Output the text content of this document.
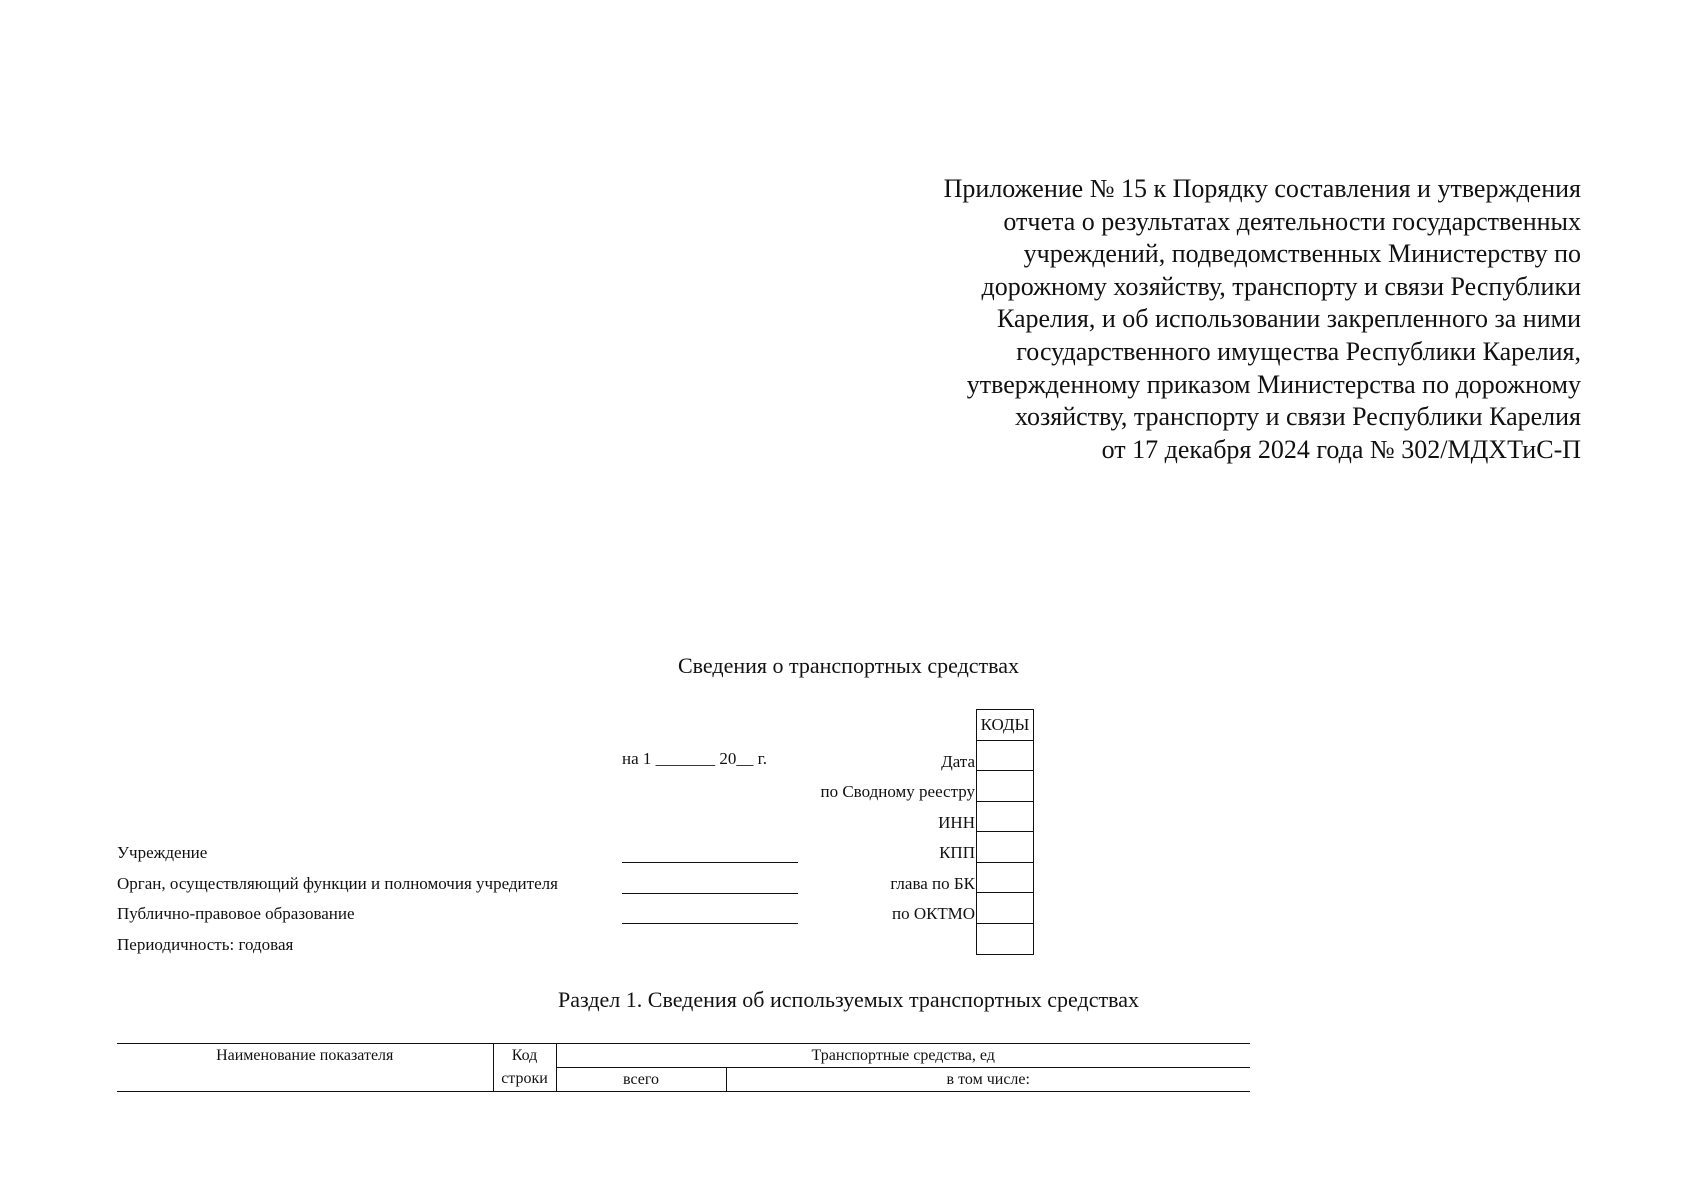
Приложение № 15 к Порядку составления и утверждения
отчета о результатах деятельности государственных
учреждений, подведомственных Министерству по
дорожному хозяйству, транспорту и связи Республики
Карелия, и об использовании закрепленного за ними
государственного имущества Республики Карелия,
утвержденному приказом Министерства по дорожному
хозяйству, транспорту и связи Республики Карелия
от 17 декабря 2024 года № 302/МДХТиС-П
Сведения о транспортных средствах
КОДЫ
на 1 _______ 20__ г.	Дата
по Сводному реестру
ИНН
КПП
глава по БК
по ОКТМО
Учреждение
Орган, осуществляющий функции и полномочия учредителя
Публично-правовое образование
Периодичность: годовая
Раздел 1. Сведения об используемых транспортных средствах
Наименование показателя	Код	Транспортные средства, ед	
	строки	всего	в том числе:
